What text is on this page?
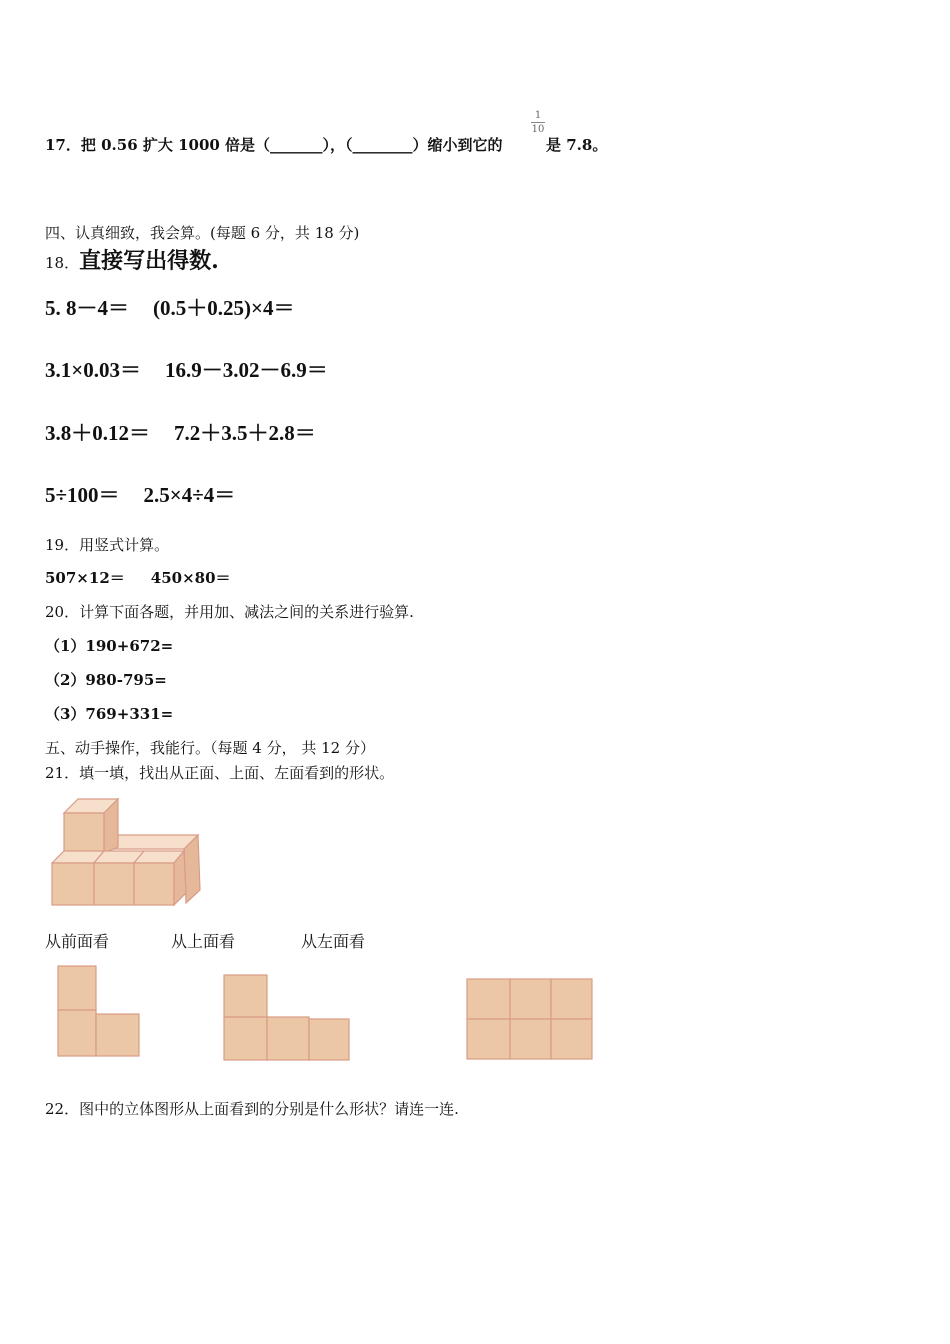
17．把 0.56 扩大 1000 倍是（_______），（________）缩小到它的
1
10
是 7.8。
四、认真细致，我会算。(每题 6 分，共 18 分)
18．直接写出得数.
5. 8－4＝ (0.5＋0.25)×4＝
3.1×0.03＝ 16.9－3.02－6.9＝
3.8＋0.12＝ 7.2＋3.5＋2.8＝
5÷100＝ 2.5×4÷4＝
19．用竖式计算。
507×12＝ 450×80＝
20．计算下面各题，并用加、减法之间的关系进行验算.
（1）190+672=
（2）980-795=
（3）769+331=
五、动手操作，我能行。（每题 4 分， 共 12 分）
21．填一填，找出从正面、上面、左面看到的形状。
从前面看	从上面看	从左面看
22．图中的立体图形从上面看到的分别是什么形状？请连一连.
